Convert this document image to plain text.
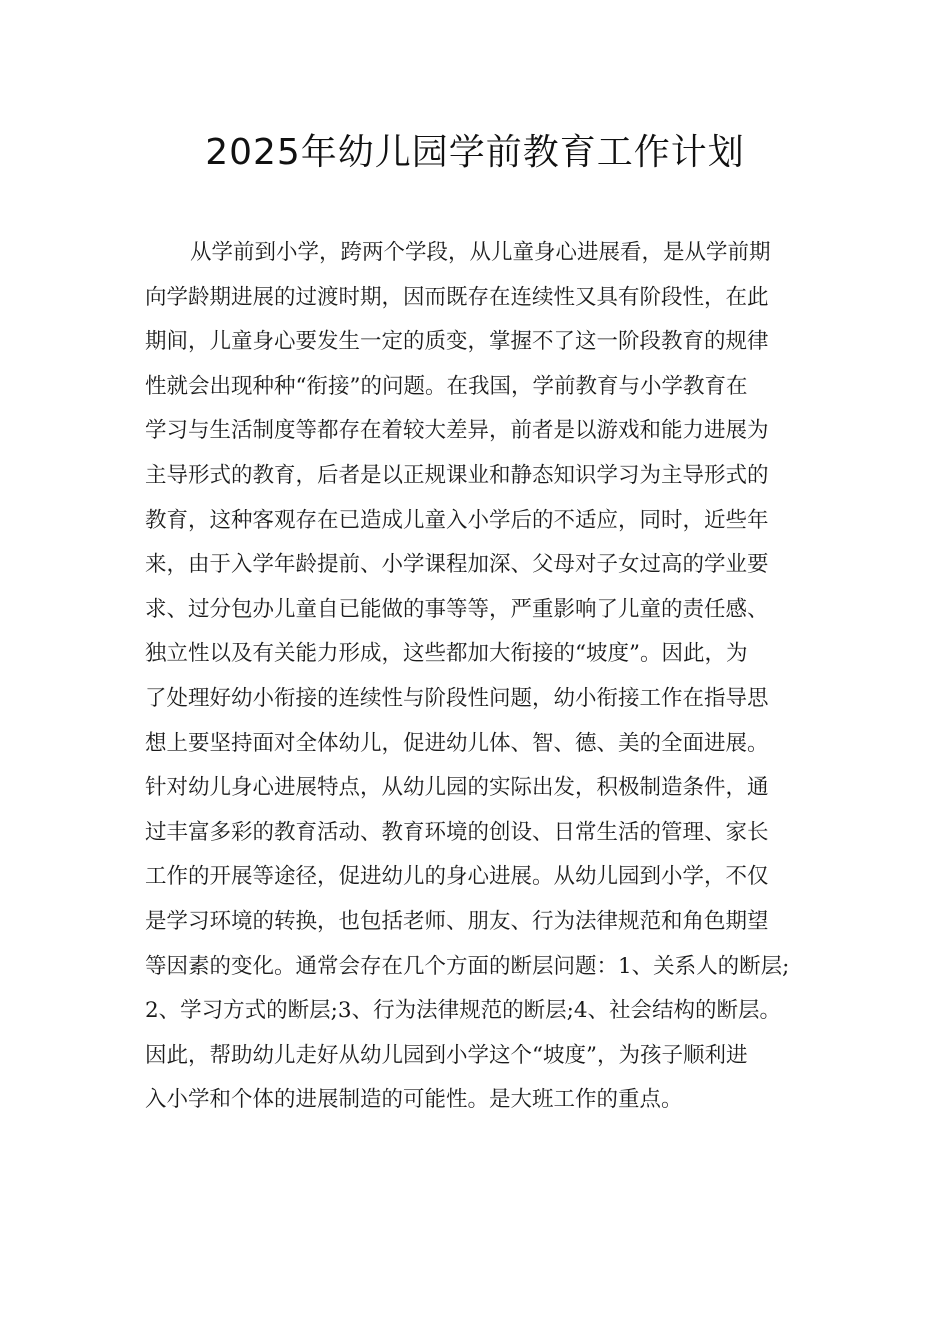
2025年幼儿园学前教育工作计划
从学前到小学，跨两个学段，从儿童身心进展看，是从学前期
向学龄期进展的过渡时期，因而既存在连续性又具有阶段性，在此
期间，儿童身心要发生一定的质变，掌握不了这一阶段教育的规律
性就会出现种种“衔接”的问题。在我国，学前教育与小学教育在
学习与生活制度等都存在着较大差异，前者是以游戏和能力进展为
主导形式的教育，后者是以正规课业和静态知识学习为主导形式的
教育，这种客观存在已造成儿童入小学后的不适应，同时，近些年
来，由于入学年龄提前、小学课程加深、父母对子女过高的学业要
求、过分包办儿童自已能做的事等等，严重影响了儿童的责任感、
独立性以及有关能力形成，这些都加大衔接的“坡度”。因此，为
了处理好幼小衔接的连续性与阶段性问题，幼小衔接工作在指导思
想上要坚持面对全体幼儿，促进幼儿体、智、德、美的全面进展。
针对幼儿身心进展特点，从幼儿园的实际出发，积极制造条件，通
过丰富多彩的教育活动、教育环境的创设、日常生活的管理、家长
工作的开展等途径，促进幼儿的身心进展。从幼儿园到小学，不仅
是学习环境的转换，也包括老师、朋友、行为法律规范和角色期望
等因素的变化。通常会存在几个方面的断层问题：1、关系人的断层;
2、学习方式的断层;3、行为法律规范的断层;4、社会结构的断层。
因此，帮助幼儿走好从幼儿园到小学这个“坡度”，为孩子顺利进
入小学和个体的进展制造的可能性。是大班工作的重点。
